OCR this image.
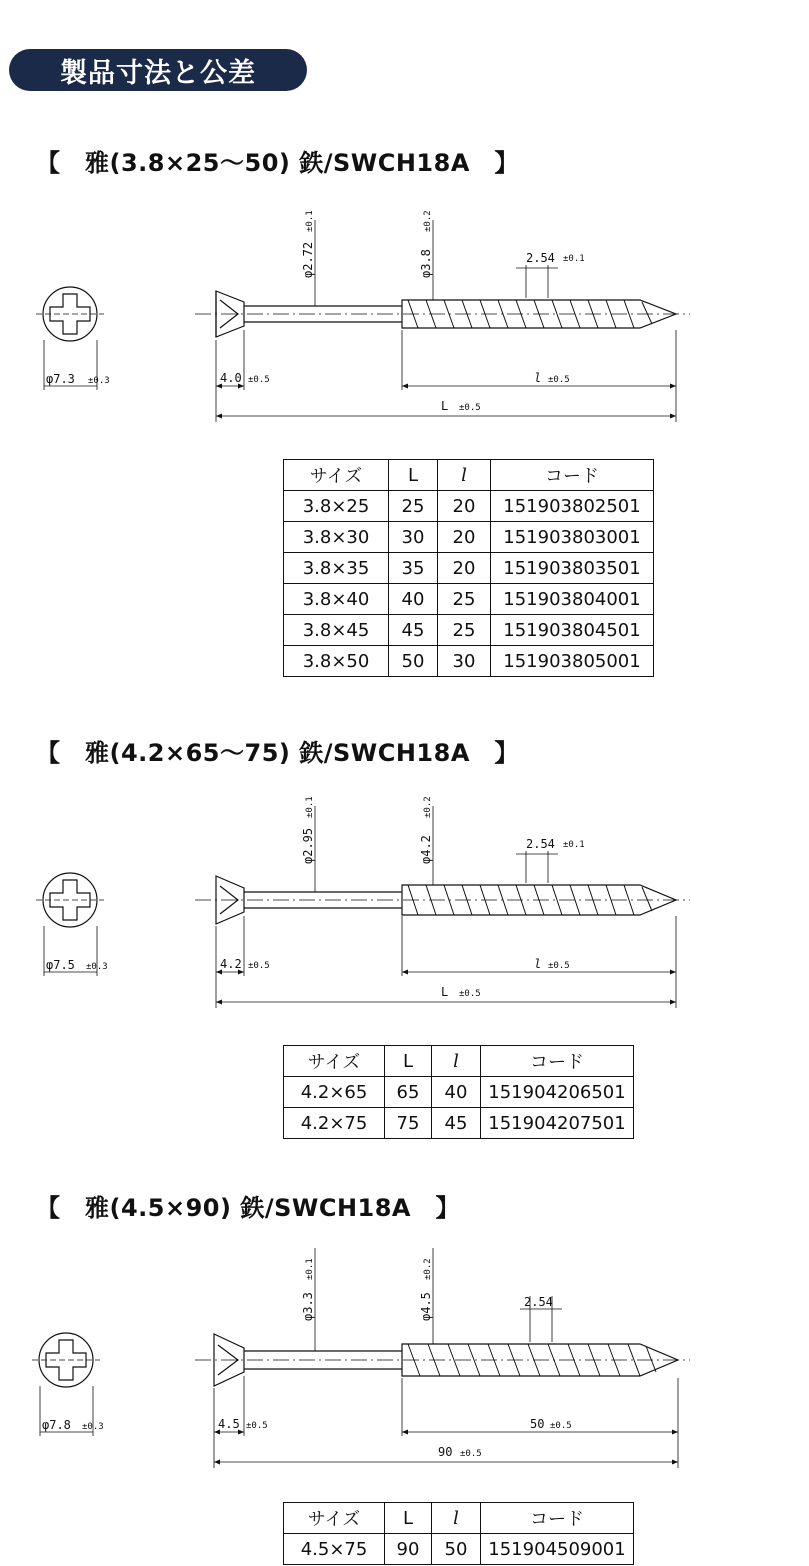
製品寸法と公差
【　雅(3.8×25〜50) 鉄/SWCH18A　】
φ7.3 ±0.3
φ2.72
±0.1
φ3.8
±0.2
2.54 ±0.1
4.0 ±0.5	l ±0.5
L ±0.5
サイズ	L	l	コード
3.8×25	25	20	151903802501
3.8×30	30	20	151903803001
3.8×35	35	20	151903803501
3.8×40	40	25	151903804001
3.8×45	45	25	151903804501
3.8×50	50	30	151903805001
【　雅(4.2×65〜75) 鉄/SWCH18A　】
φ7.5 ±0.3
φ2.95
±0.1
φ4.2
±0.2
2.54 ±0.1
4.2 ±0.5	l ±0.5
L ±0.5
サイズ	L	l	コード
4.2×65	65	40	151904206501
4.2×75	75	45	151904207501
【　雅(4.5×90) 鉄/SWCH18A　】
φ7.8 ±0.3
φ3.3
±0.1
φ4.5
±0.2
2.54
4.5 ±0.5	50 ±0.5
90 ±0.5
サイズ	L	l	コード
4.5×75	90	50	151904509001
